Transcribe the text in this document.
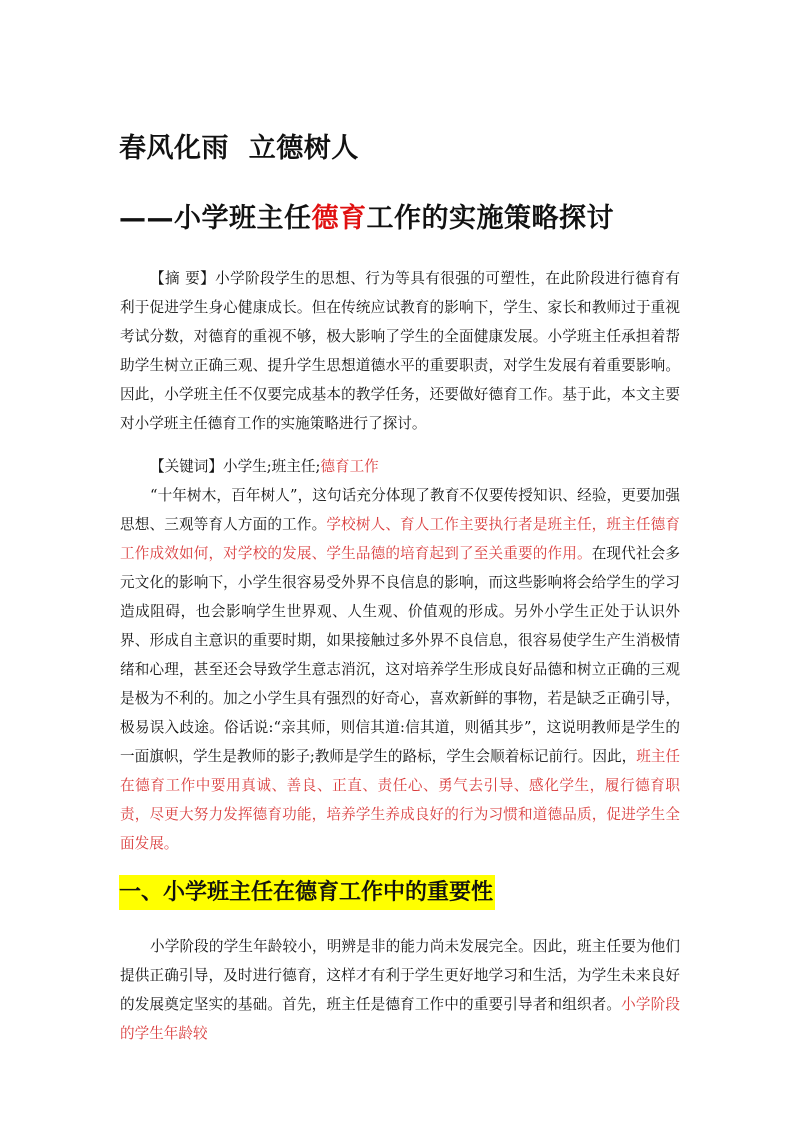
春风化雨  立德树人
——小学班主任德育工作的实施策略探讨

【摘 要】小学阶段学生的思想、行为等具有很强的可塑性，在此阶段进行德育有利于促进学生身心健康成长。但在传统应试教育的影响下，学生、家长和教师过于重视考试分数，对德育的重视不够，极大影响了学生的全面健康发展。小学班主任承担着帮助学生树立正确三观、提升学生思想道德水平的重要职责，对学生发展有着重要影响。因此，小学班主任不仅要完成基本的教学任务，还要做好德育工作。基于此，本文主要对小学班主任德育工作的实施策略进行了探讨。

【关键词】小学生;班主任;德育工作

“十年树木，百年树人”，这句话充分体现了教育不仅要传授知识、经验，更要加强思想、三观等育人方面的工作。学校树人、育人工作主要执行者是班主任，班主任德育工作成效如何，对学校的发展、学生品德的培育起到了至关重要的作用。在现代社会多元文化的影响下，小学生很容易受外界不良信息的影响，而这些影响将会给学生的学习造成阻碍，也会影响学生世界观、人生观、价值观的形成。另外小学生正处于认识外界、形成自主意识的重要时期，如果接触过多外界不良信息，很容易使学生产生消极情绪和心理，甚至还会导致学生意志消沉，这对培养学生形成良好品德和树立正确的三观是极为不利的。加之小学生具有强烈的好奇心，喜欢新鲜的事物，若是缺乏正确引导，极易误入歧途。俗话说:“亲其师，则信其道:信其道，则循其步”，这说明教师是学生的一面旗帜，学生是教师的影子;教师是学生的路标，学生会顺着标记前行。因此，班主任在德育工作中要用真诚、善良、正直、责任心、勇气去引导、感化学生，履行德育职责，尽更大努力发挥德育功能，培养学生养成良好的行为习惯和道德品质，促进学生全面发展。

一、小学班主任在德育工作中的重要性

小学阶段的学生年龄较小，明辨是非的能力尚未发展完全。因此，班主任要为他们提供正确引导，及时进行德育，这样才有利于学生更好地学习和生活，为学生未来良好的发展奠定坚实的基础。首先，班主任是德育工作中的重要引导者和组织者。小学阶段的学生年龄较
